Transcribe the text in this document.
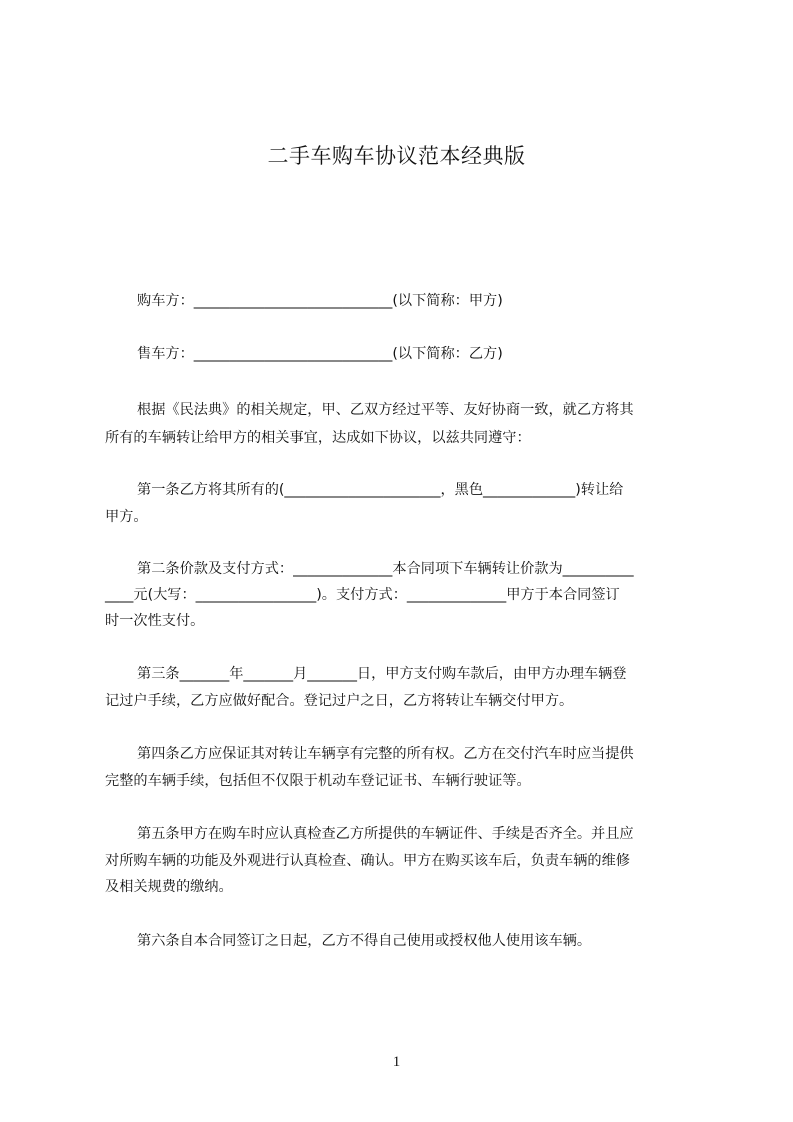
二手车购车协议范本经典版
购车方：____________________________(以下简称：甲方)
售车方：____________________________(以下简称：乙方)
根据《民法典》的相关规定，甲、乙双方经过平等、友好协商一致，就乙方将其
所有的车辆转让给甲方的相关事宜，达成如下协议，以兹共同遵守：
第一条乙方将其所有的(______________________，黑色_____________)转让给
甲方。
第二条价款及支付方式：______________本合同项下车辆转让价款为__________
____元(大写：_________________)。支付方式：______________甲方于本合同签订
时一次性支付。
第三条_______年_______月_______日，甲方支付购车款后，由甲方办理车辆登
记过户手续，乙方应做好配合。登记过户之日，乙方将转让车辆交付甲方。
第四条乙方应保证其对转让车辆享有完整的所有权。乙方在交付汽车时应当提供
完整的车辆手续，包括但不仅限于机动车登记证书、车辆行驶证等。
第五条甲方在购车时应认真检查乙方所提供的车辆证件、手续是否齐全。并且应
对所购车辆的功能及外观进行认真检查、确认。甲方在购买该车后，负责车辆的维修
及相关规费的缴纳。
第六条自本合同签订之日起，乙方不得自己使用或授权他人使用该车辆。
1
